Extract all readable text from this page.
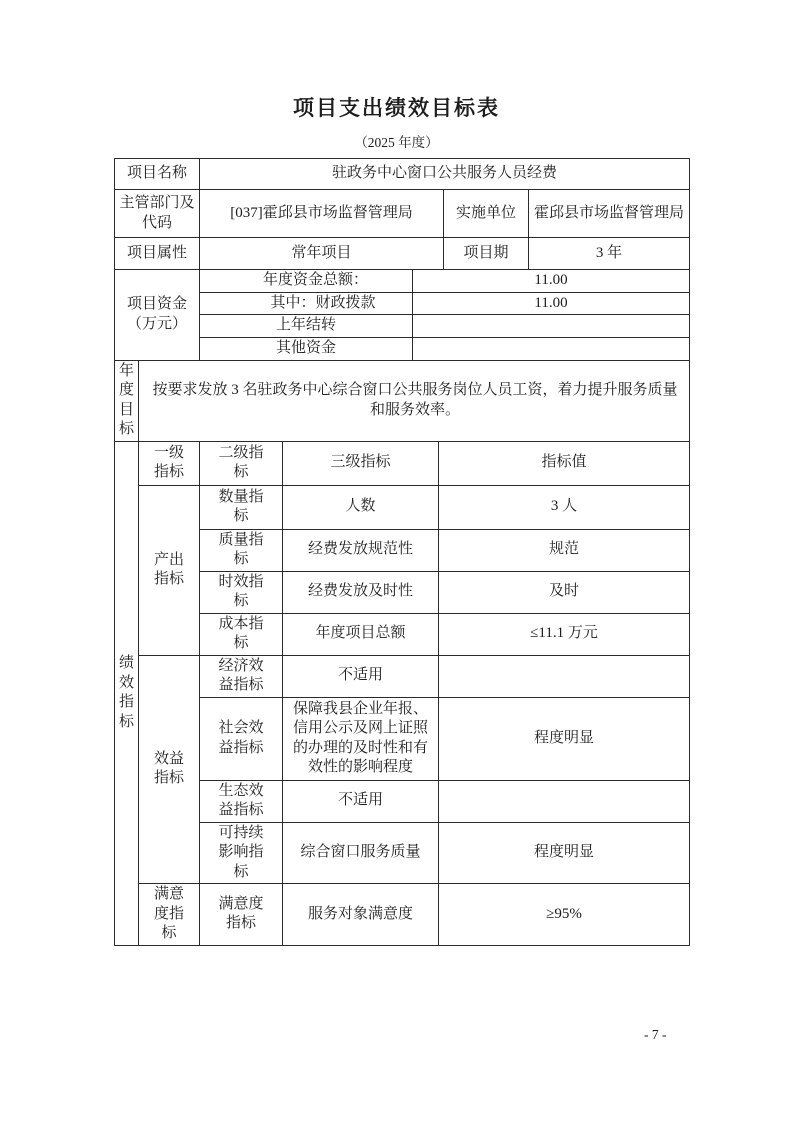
项目支出绩效目标表
（2025 年度）
项目名称		驻政务中心窗口公共服务人员经费					
主管部门及代码		[037]霍邱县市场监督管理局				实施单位	霍邱县市场监督管理局
项目属性		常年项目				项目期	3 年
项目资金（万元）		年度资金总额：		11.00			
		其中：财政拨款		11.00			
		上年结转					
		其他资金					
年度目标	按要求发放 3 名驻政务中心综合窗口公共服务岗位人员工资，着力提升服务质量和服务效率。						
绩效指标	一级指标	二级指标	三级指标		指标值		
	产出指标	数量指标	人数		3 人		
		质量指标	经费发放规范性		规范		
		时效指标	经费发放及时性		及时		
		成本指标	年度项目总额		≤11.1 万元		
	效益指标	经济效益指标	不适用				
		社会效益指标	保障我县企业年报、信用公示及网上证照的办理的及时性和有效性的影响程度		程度明显		
		生态效益指标	不适用				
		可持续影响指标	综合窗口服务质量		程度明显		
	满意度指标	满意度指标	服务对象满意度		≥95%		
- 7 -
